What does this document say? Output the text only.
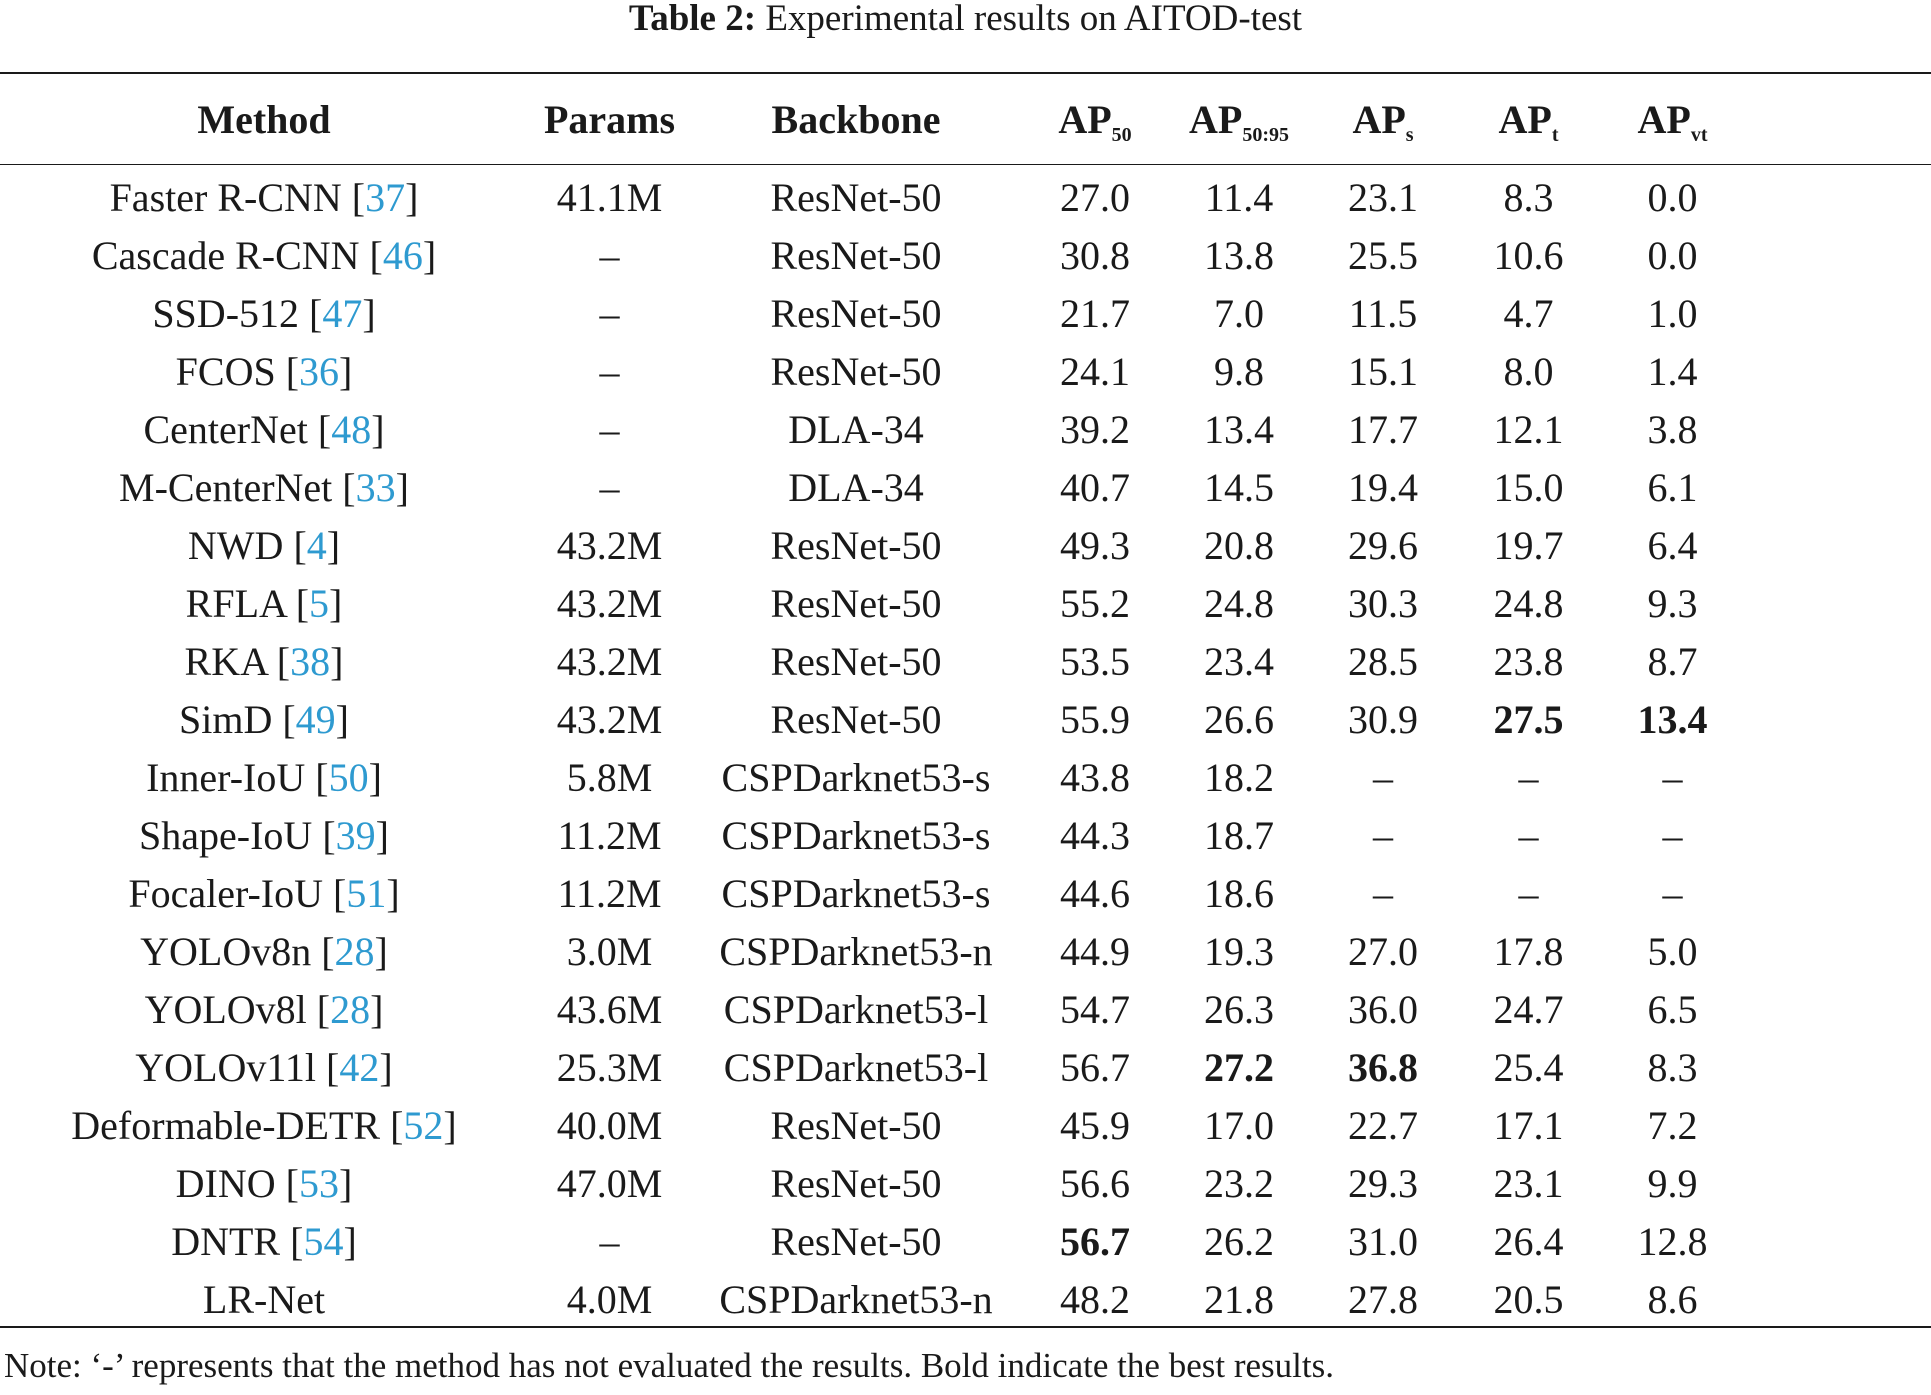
Table 2: Experimental results on AITOD-test
Method	Params	Backbone	$AP_{50}$	$AP_{50:95}$	$AP_s$	$AP_t$	$AP_{vt}$	
Faster R-CNN [37]	41.1M	ResNet-50	27.0	11.4	23.1	8.3	0.0	
Cascade R-CNN [46]	–	ResNet-50	30.8	13.8	25.5	10.6	0.0	
SSD-512 [47]	–	ResNet-50	21.7	7.0	11.5	4.7	1.0	
FCOS [36]	–	ResNet-50	24.1	9.8	15.1	8.0	1.4	
CenterNet [48]	–	DLA-34	39.2	13.4	17.7	12.1	3.8	
M-CenterNet [33]	–	DLA-34	40.7	14.5	19.4	15.0	6.1	
NWD [4]	43.2M	ResNet-50	49.3	20.8	29.6	19.7	6.4	
RFLA [5]	43.2M	ResNet-50	55.2	24.8	30.3	24.8	9.3	
RKA [38]	43.2M	ResNet-50	53.5	23.4	28.5	23.8	8.7	
SimD [49]	43.2M	ResNet-50	55.9	26.6	30.9	27.5	13.4	
Inner-IoU [50]	5.8M	CSPDarknet53-s	43.8	18.2	–	–	–	
Shape-IoU [39]	11.2M	CSPDarknet53-s	44.3	18.7	–	–	–	
Focaler-IoU [51]	11.2M	CSPDarknet53-s	44.6	18.6	–	–	–	
YOLOv8n [28]	3.0M	CSPDarknet53-n	44.9	19.3	27.0	17.8	5.0	
YOLOv8l [28]	43.6M	CSPDarknet53-l	54.7	26.3	36.0	24.7	6.5	
YOLOv11l [42]	25.3M	CSPDarknet53-l	56.7	27.2	36.8	25.4	8.3	
Deformable-DETR [52]	40.0M	ResNet-50	45.9	17.0	22.7	17.1	7.2	
DINO [53]	47.0M	ResNet-50	56.6	23.2	29.3	23.1	9.9	
DNTR [54]	–	ResNet-50	56.7	26.2	31.0	26.4	12.8	
LR-Net	4.0M	CSPDarknet53-n	48.2	21.8	27.8	20.5	8.6	
Note: ‘-’ represents that the method has not evaluated the results. Bold indicate the best results.
